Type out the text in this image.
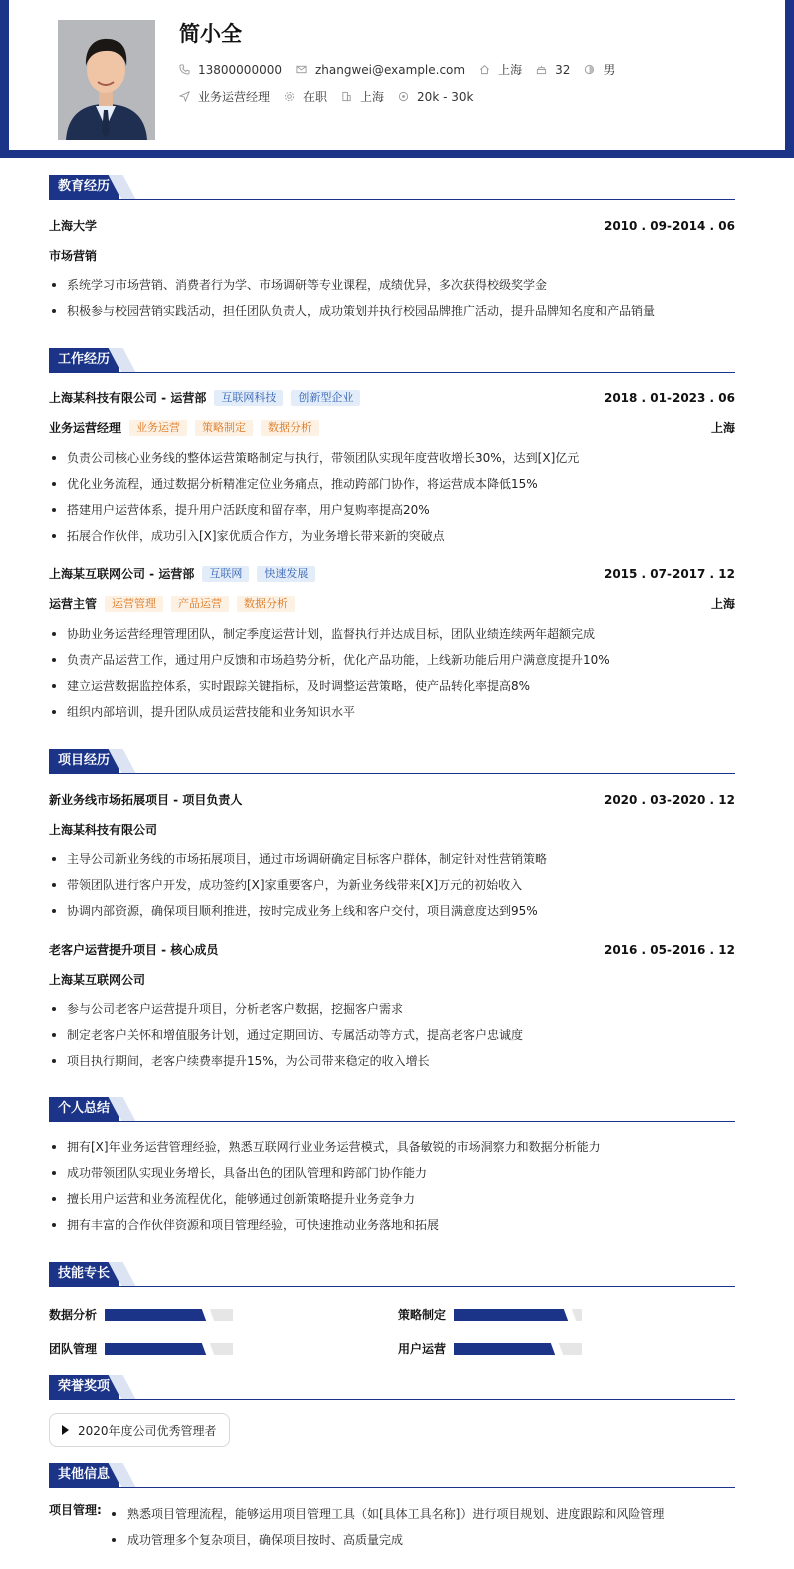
简小全
13800000000	zhangwei@example.com	上海	32	男
业务运营经理	在职	上海	20k - 30k
教育经历
上海大学	2010 . 09-2014 . 06
市场营销
系统学习市场营销、消费者行为学、市场调研等专业课程，成绩优异，多次获得校级奖学金
积极参与校园营销实践活动，担任团队负责人，成功策划并执行校园品牌推广活动，提升品牌知名度和产品销量
工作经历
上海某科技有限公司 - 运营部	互联网科技	创新型企业	2018 . 01-2023 . 06
业务运营经理	业务运营	策略制定	数据分析	上海
负责公司核心业务线的整体运营策略制定与执行，带领团队实现年度营收增长30%，达到[X]亿元
优化业务流程，通过数据分析精准定位业务痛点，推动跨部门协作，将运营成本降低15%
搭建用户运营体系，提升用户活跃度和留存率，用户复购率提高20%
拓展合作伙伴，成功引入[X]家优质合作方，为业务增长带来新的突破点
上海某互联网公司 - 运营部	互联网	快速发展	2015 . 07-2017 . 12
运营主管	运营管理	产品运营	数据分析	上海
协助业务运营经理管理团队，制定季度运营计划，监督执行并达成目标，团队业绩连续两年超额完成
负责产品运营工作，通过用户反馈和市场趋势分析，优化产品功能，上线新功能后用户满意度提升10%
建立运营数据监控体系，实时跟踪关键指标，及时调整运营策略，使产品转化率提高8%
组织内部培训，提升团队成员运营技能和业务知识水平
项目经历
新业务线市场拓展项目 - 项目负责人	2020 . 03-2020 . 12
上海某科技有限公司
主导公司新业务线的市场拓展项目，通过市场调研确定目标客户群体，制定针对性营销策略
带领团队进行客户开发，成功签约[X]家重要客户，为新业务线带来[X]万元的初始收入
协调内部资源，确保项目顺利推进，按时完成业务上线和客户交付，项目满意度达到95%
老客户运营提升项目 - 核心成员	2016 . 05-2016 . 12
上海某互联网公司
参与公司老客户运营提升项目，分析老客户数据，挖掘客户需求
制定老客户关怀和增值服务计划，通过定期回访、专属活动等方式，提高老客户忠诚度
项目执行期间，老客户续费率提升15%，为公司带来稳定的收入增长
个人总结
拥有[X]年业务运营管理经验，熟悉互联网行业业务运营模式，具备敏锐的市场洞察力和数据分析能力
成功带领团队实现业务增长，具备出色的团队管理和跨部门协作能力
擅长用户运营和业务流程优化，能够通过创新策略提升业务竞争力
拥有丰富的合作伙伴资源和项目管理经验，可快速推动业务落地和拓展
技能专长
数据分析	策略制定
团队管理	用户运营
荣誉奖项
2020年度公司优秀管理者
其他信息
项目管理:	熟悉项目管理流程，能够运用项目管理工具（如[具体工具名称]）进行项目规划、进度跟踪和风险管理
成功管理多个复杂项目，确保项目按时、高质量完成
